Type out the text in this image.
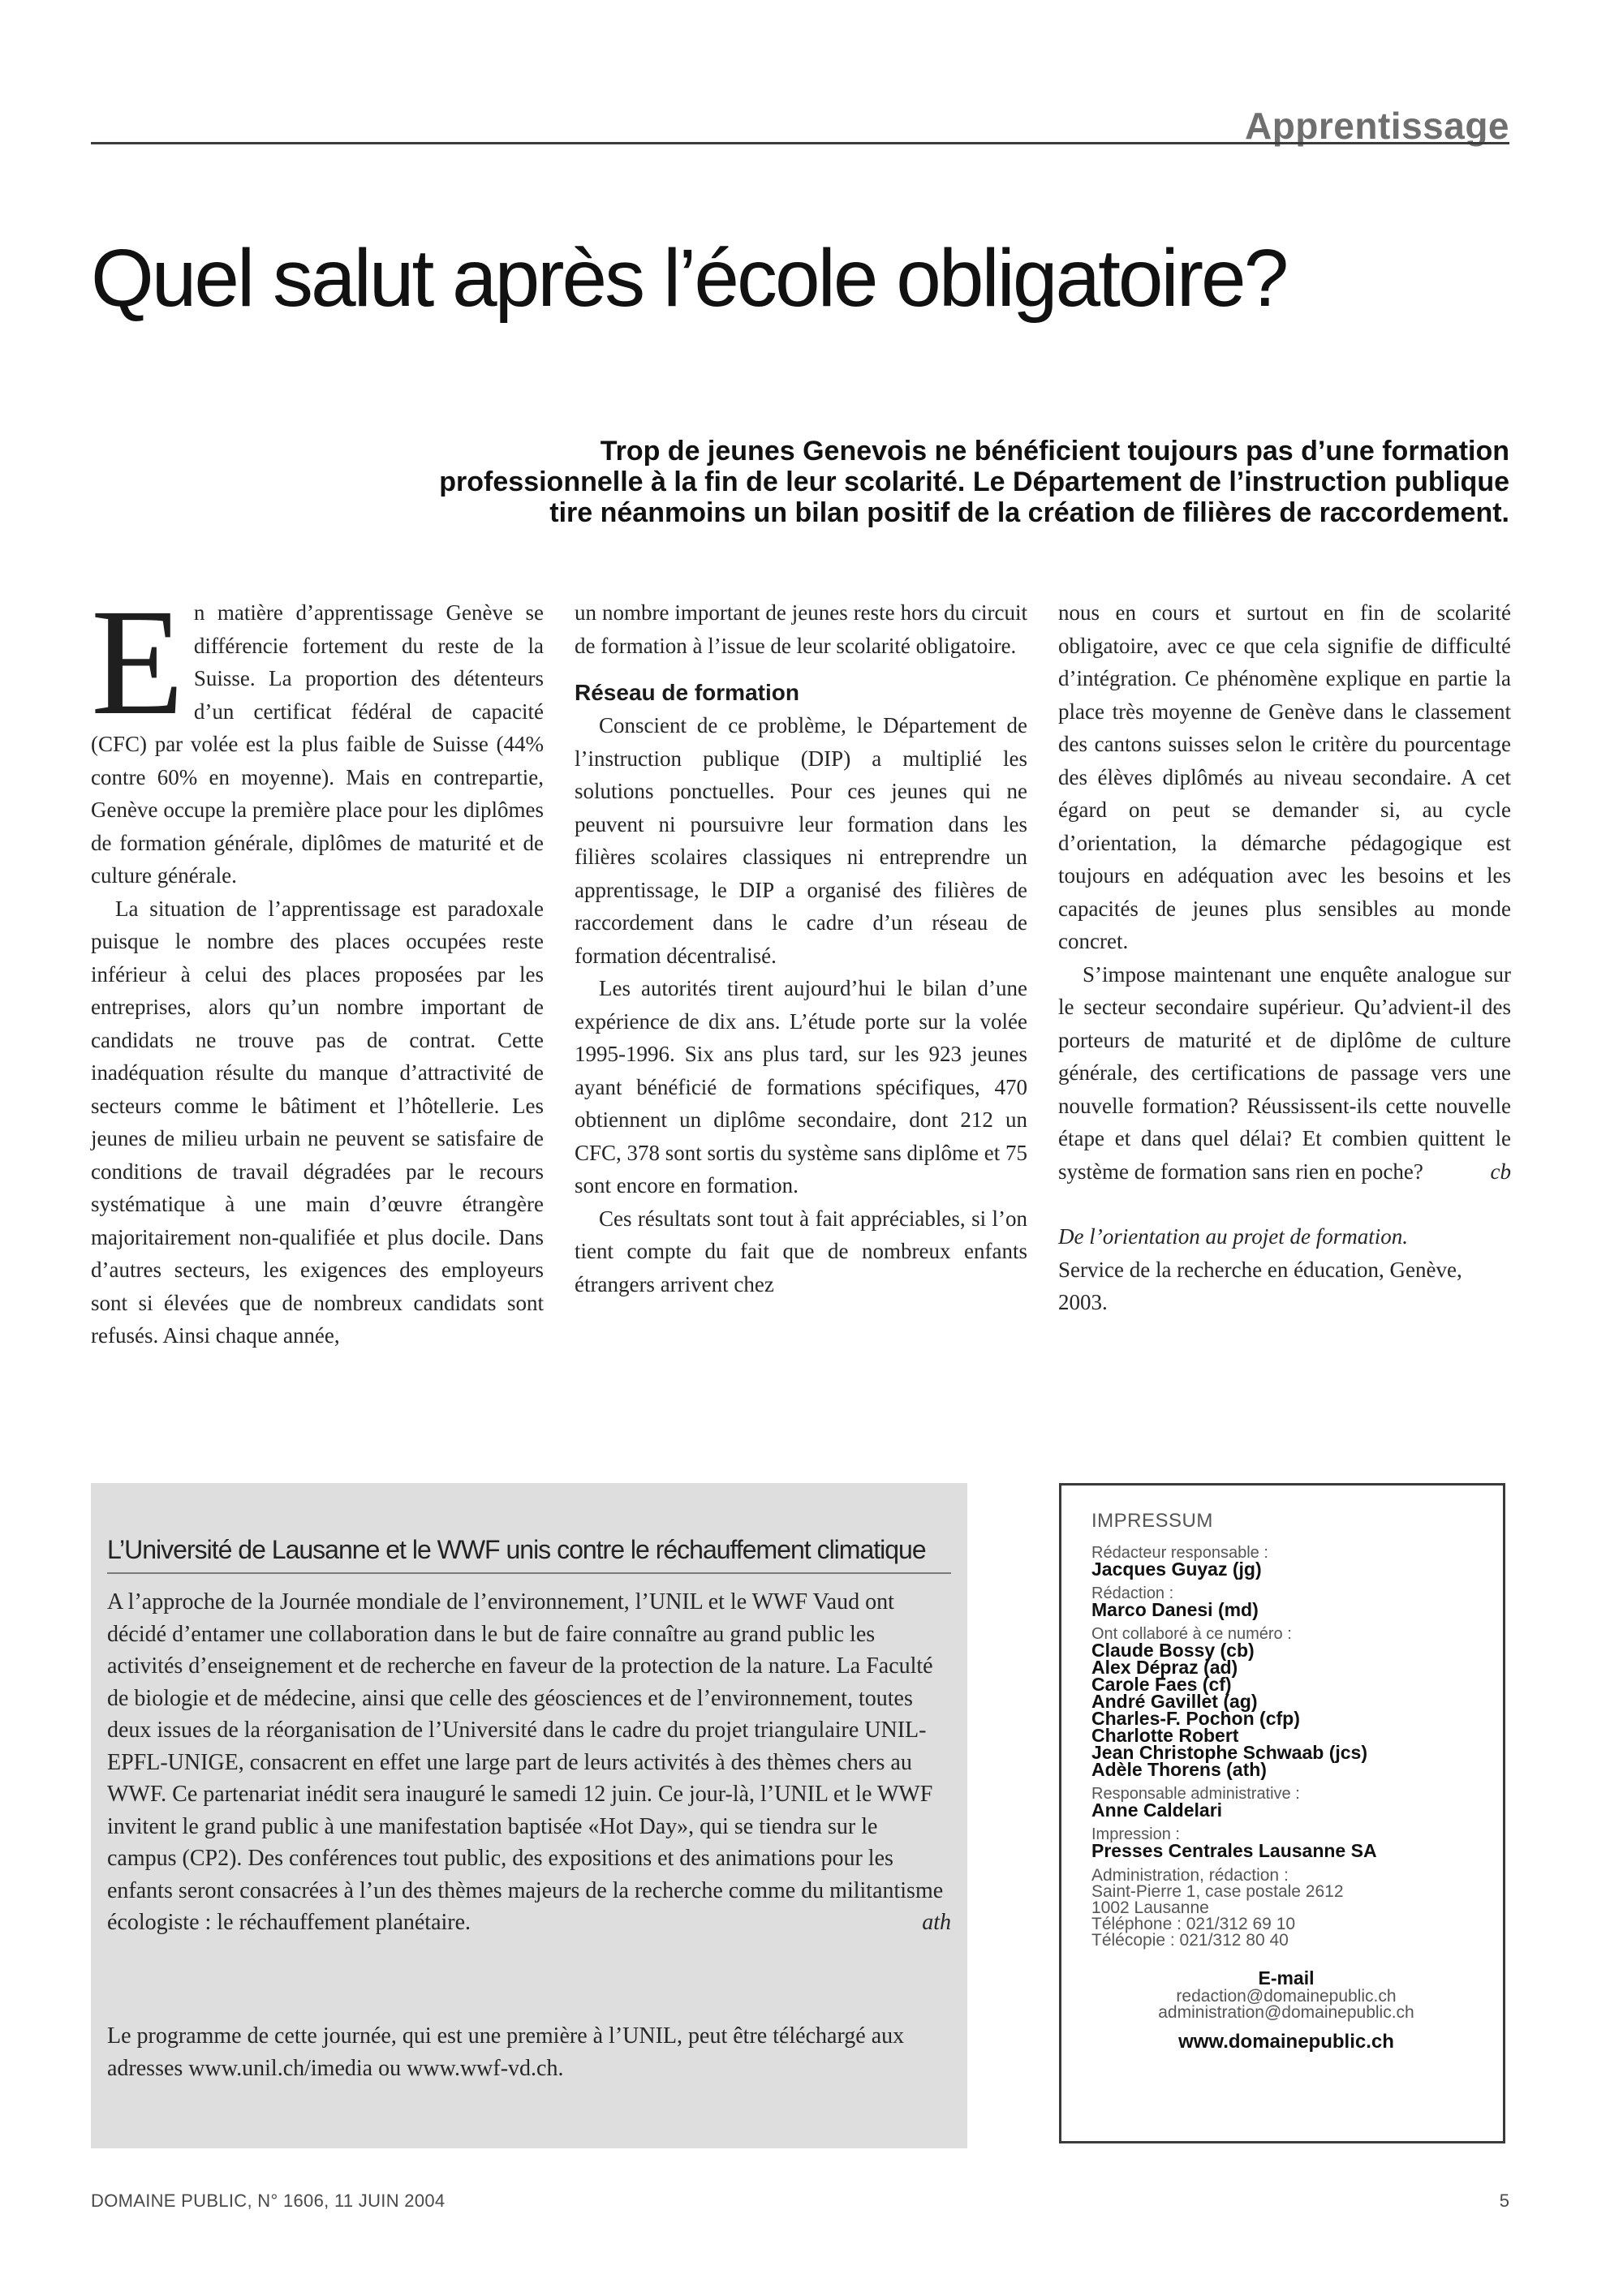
Apprentissage
Quel salut après l’école obligatoire?
Trop de jeunes Genevois ne bénéficient toujours pas d’une formation
professionnelle à la fin de leur scolarité. Le Département de l’instruction publique
tire néanmoins un bilan positif de la création de filières de raccordement.

En matière d’apprentissage Genève se différencie fortement du reste de la Suisse. La proportion des détenteurs d’un certificat fédéral de capacité (CFC) par volée est la plus faible de Suisse (44% contre 60% en moyenne). Mais en contrepartie, Genève occupe la première place pour les diplômes de formation générale, diplômes de maturité et de culture générale.

La situation de l’apprentissage est paradoxale puisque le nombre des places occupées reste inférieur à celui des places proposées par les entreprises, alors qu’un nombre important de candidats ne trouve pas de contrat. Cette inadéquation résulte du manque d’attractivité de secteurs comme le bâtiment et l’hôtellerie. Les jeunes de milieu urbain ne peuvent se satisfaire de conditions de travail dégradées par le recours systématique à une main d’œuvre étrangère majoritairement non-qualifiée et plus docile. Dans d’autres secteurs, les exigences des employeurs sont si élevées que de nombreux candidats sont refusés. Ainsi chaque année,

un nombre important de jeunes reste hors du circuit de formation à l’issue de leur scolarité obligatoire.

Réseau de formation

Conscient de ce problème, le Département de l’instruction publique (DIP) a multiplié les solutions ponctuelles. Pour ces jeunes qui ne peuvent ni poursuivre leur formation dans les filières scolaires classiques ni entreprendre un apprentissage, le DIP a organisé des filières de raccordement dans le cadre d’un réseau de formation décentralisé.

Les autorités tirent aujourd’hui le bilan d’une expérience de dix ans. L’étude porte sur la volée 1995-1996. Six ans plus tard, sur les 923 jeunes ayant bénéficié de formations spécifiques, 470 obtiennent un diplôme secondaire, dont 212 un CFC, 378 sont sortis du système sans diplôme et 75 sont encore en formation.

Ces résultats sont tout à fait appréciables, si l’on tient compte du fait que de nombreux enfants étrangers arrivent chez

nous en cours et surtout en fin de scolarité obligatoire, avec ce que cela signifie de difficulté d’intégration. Ce phénomène explique en partie la place très moyenne de Genève dans le classement des cantons suisses selon le critère du pourcentage des élèves diplômés au niveau secondaire. A cet égard on peut se demander si, au cycle d’orientation, la démarche pédagogique est toujours en adéquation avec les besoins et les capacités de jeunes plus sensibles au monde concret.

S’impose maintenant une enquête analogue sur le secteur secondaire supérieur. Qu’advient-il des porteurs de maturité et de diplôme de culture générale, des certifications de passage vers une nouvelle formation? Réussissent-ils cette nouvelle étape et dans quel délai? Et combien quittent le système de formation sans rien en poche?	cb

De l’orientation au projet de formation.
Service de la recherche en éducation, Genève, 2003.

L’Université de Lausanne et le WWF unis contre le réchauffement climatique

A l’approche de la Journée mondiale de l’environnement, l’UNIL et le WWF Vaud ont décidé d’entamer une collaboration dans le but de faire connaître au grand public les activités d’enseignement et de recherche en faveur de la protection de la nature. La Faculté de biologie et de médecine, ainsi que celle des géosciences et de l’environnement, toutes deux issues de la réorganisation de l’Université dans le cadre du projet triangulaire UNIL-EPFL-UNIGE, consacrent en effet une large part de leurs activités à des thèmes chers au WWF. Ce partenariat inédit sera inauguré le samedi 12 juin. Ce jour-là, l’UNIL et le WWF invitent le grand public à une manifestation baptisée «Hot Day», qui se tiendra sur le campus (CP2). Des conférences tout public, des expositions et des animations pour les enfants seront consacrées à l’un des thèmes majeurs de la recherche comme du militantisme écologiste : le réchauffement planétaire.	ath

Le programme de cette journée, qui est une première à l’UNIL, peut être téléchargé aux adresses www.unil.ch/imedia ou www.wwf-vd.ch.

IMPRESSUM
Rédacteur responsable :
Jacques Guyaz (jg)
Rédaction :
Marco Danesi (md)
Ont collaboré à ce numéro :
Claude Bossy (cb)
Alex Dépraz (ad)
Carole Faes (cf)
André Gavillet (ag)
Charles-F. Pochon (cfp)
Charlotte Robert
Jean Christophe Schwaab (jcs)
Adèle Thorens (ath)
Responsable administrative :
Anne Caldelari
Impression :
Presses Centrales Lausanne SA
Administration, rédaction :
Saint-Pierre 1, case postale 2612
1002 Lausanne
Téléphone : 021/312 69 10
Télécopie : 021/312 80 40
E-mail
redaction@domainepublic.ch
administration@domainepublic.ch
www.domainepublic.ch
DOMAINE PUBLIC, N° 1606, 11 JUIN 2004	5
